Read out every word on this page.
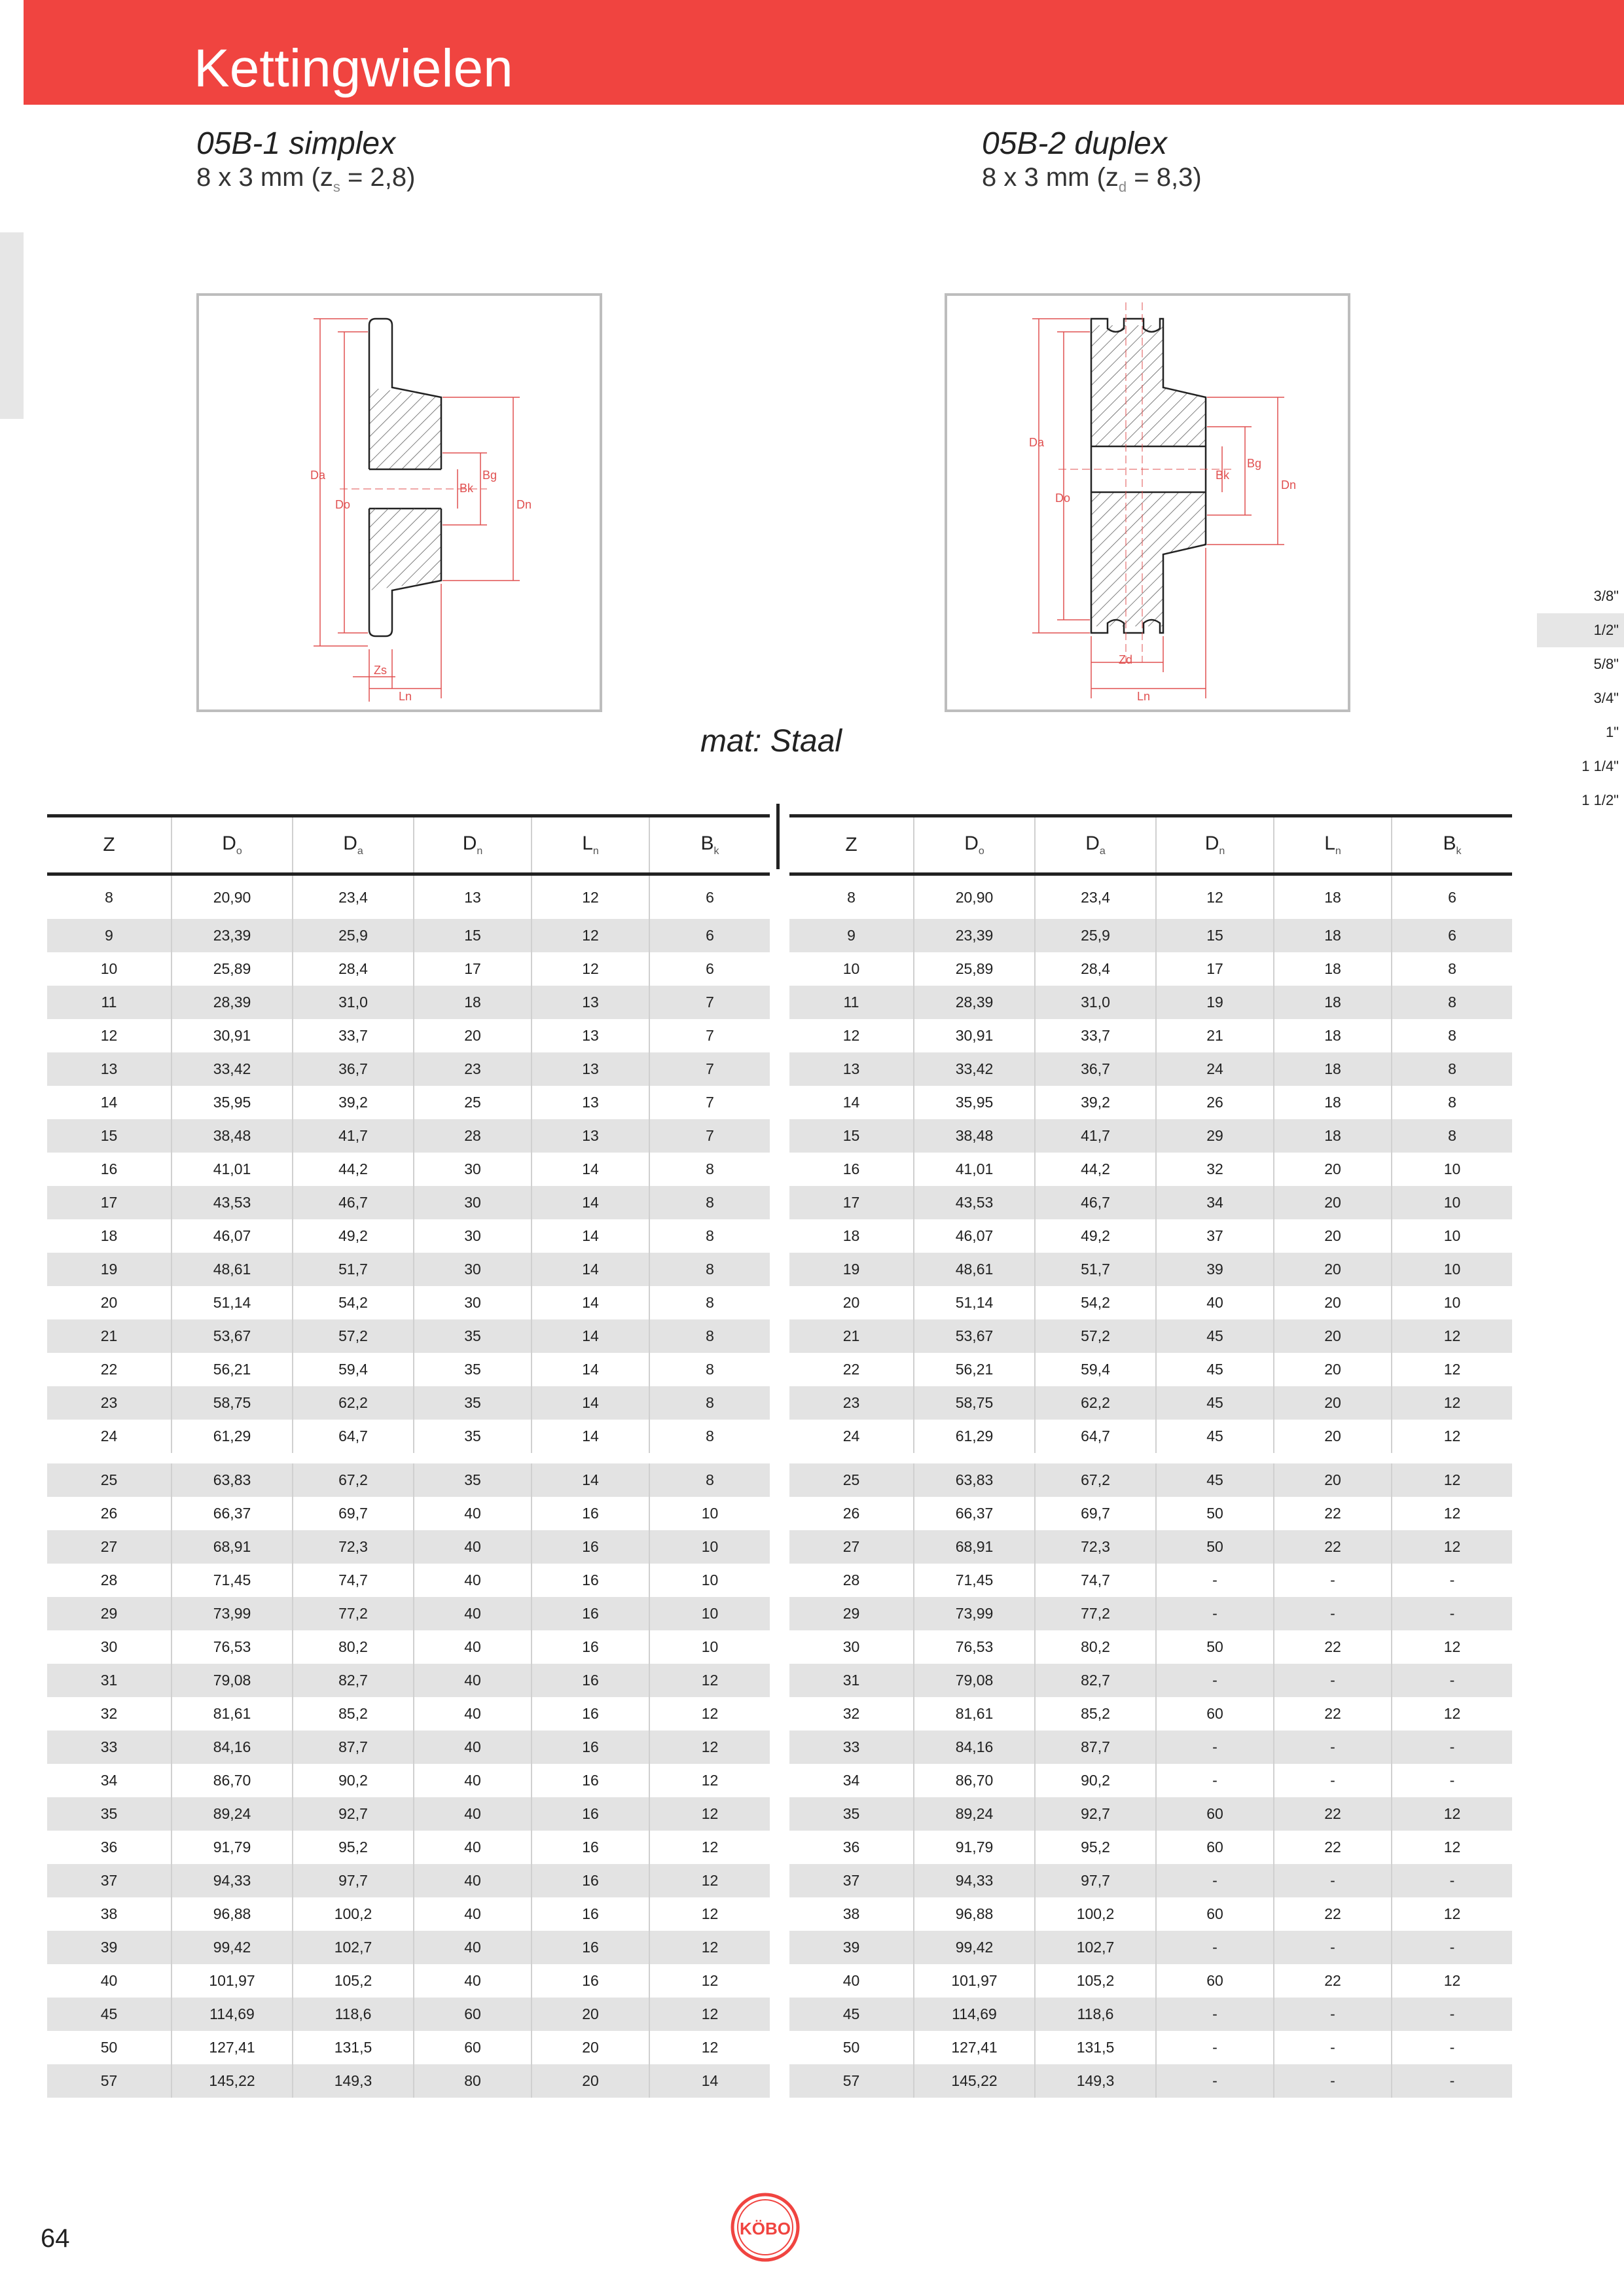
Kettingwielen
05B-1 simplex
8 x 3 mm $(z_s = 2,8)$
05B-2 duplex
8 x 3 mm $(z_d = 8,3)$
Da
Do
Bk
Bg
Dn
Zs
Ln
Da
Do
Bk
Bg
Dn
Zd
Ln
mat: Staal
3/8"
1/2"
5/8"
3/4"
1"
1 1/4"
1 1/2"
Z	$D_o$	$D_a$	$D_n$	$L_n$	$B_k$
8	20,90	23,4	13	12	6
9	23,39	25,9	15	12	6
10	25,89	28,4	17	12	6
11	28,39	31,0	18	13	7
12	30,91	33,7	20	13	7
13	33,42	36,7	23	13	7
14	35,95	39,2	25	13	7
15	38,48	41,7	28	13	7
16	41,01	44,2	30	14	8
17	43,53	46,7	30	14	8
18	46,07	49,2	30	14	8
19	48,61	51,7	30	14	8
20	51,14	54,2	30	14	8
21	53,67	57,2	35	14	8
22	56,21	59,4	35	14	8
23	58,75	62,2	35	14	8
24	61,29	64,7	35	14	8
25	63,83	67,2	35	14	8
26	66,37	69,7	40	16	10
27	68,91	72,3	40	16	10
28	71,45	74,7	40	16	10
29	73,99	77,2	40	16	10
30	76,53	80,2	40	16	10
31	79,08	82,7	40	16	12
32	81,61	85,2	40	16	12
33	84,16	87,7	40	16	12
34	86,70	90,2	40	16	12
35	89,24	92,7	40	16	12
36	91,79	95,2	40	16	12
37	94,33	97,7	40	16	12
38	96,88	100,2	40	16	12
39	99,42	102,7	40	16	12
40	101,97	105,2	40	16	12
45	114,69	118,6	60	20	12
50	127,41	131,5	60	20	12
57	145,22	149,3	80	20	14
Z	$D_o$	$D_a$	$D_n$	$L_n$	$B_k$
8	20,90	23,4	12	18	6
9	23,39	25,9	15	18	6
10	25,89	28,4	17	18	8
11	28,39	31,0	19	18	8
12	30,91	33,7	21	18	8
13	33,42	36,7	24	18	8
14	35,95	39,2	26	18	8
15	38,48	41,7	29	18	8
16	41,01	44,2	32	20	10
17	43,53	46,7	34	20	10
18	46,07	49,2	37	20	10
19	48,61	51,7	39	20	10
20	51,14	54,2	40	20	10
21	53,67	57,2	45	20	12
22	56,21	59,4	45	20	12
23	58,75	62,2	45	20	12
24	61,29	64,7	45	20	12
25	63,83	67,2	45	20	12
26	66,37	69,7	50	22	12
27	68,91	72,3	50	22	12
28	71,45	74,7	-	-	-
29	73,99	77,2	-	-	-
30	76,53	80,2	50	22	12
31	79,08	82,7	-	-	-
32	81,61	85,2	60	22	12
33	84,16	87,7	-	-	-
34	86,70	90,2	-	-	-
35	89,24	92,7	60	22	12
36	91,79	95,2	60	22	12
37	94,33	97,7	-	-	-
38	96,88	100,2	60	22	12
39	99,42	102,7	-	-	-
40	101,97	105,2	60	22	12
45	114,69	118,6	-	-	-
50	127,41	131,5	-	-	-
57	145,22	149,3	-	-	-
64	KÖBO
